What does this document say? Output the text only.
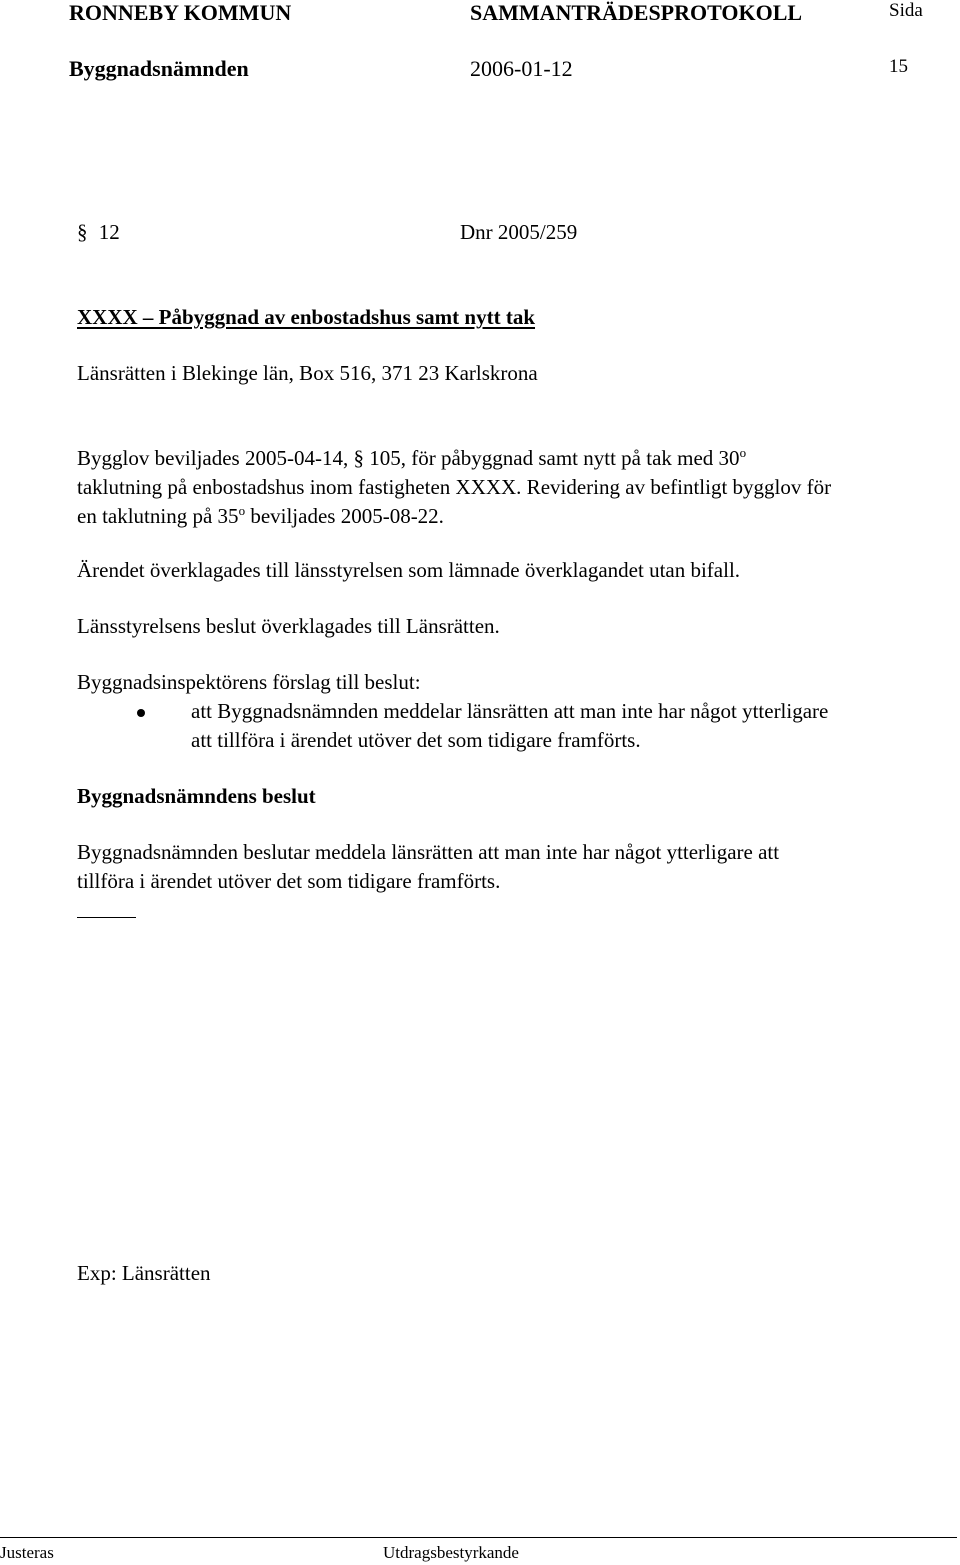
RONNEBY KOMMUN	SAMMANTRÄDESPROTOKOLL	Sida
Byggnadsnämnden	2006-01-12	15
§ 12	Dnr 2005/259
XXXX – Påbyggnad av enbostadshus samt nytt tak
Länsrätten i Blekinge län, Box 516, 371 23 Karlskrona
Bygglov beviljades 2005-04-14, § 105, för påbyggnad samt nytt på tak med 30$^o$
taklutning på enbostadshus inom fastigheten XXXX. Revidering av befintligt bygglov för
en taklutning på 35$^o$ beviljades 2005-08-22.
Ärendet överklagades till länsstyrelsen som lämnade överklagandet utan bifall.
Länsstyrelsens beslut överklagades till Länsrätten.
Byggnadsinspektörens förslag till beslut:
att Byggnadsnämnden meddelar länsrätten att man inte har något ytterligare
att tillföra i ärendet utöver det som tidigare framförts.
Byggnadsnämndens beslut
Byggnadsnämnden beslutar meddela länsrätten att man inte har något ytterligare att
tillföra i ärendet utöver det som tidigare framförts.
Exp: Länsrätten
Justeras	Utdragsbestyrkande
